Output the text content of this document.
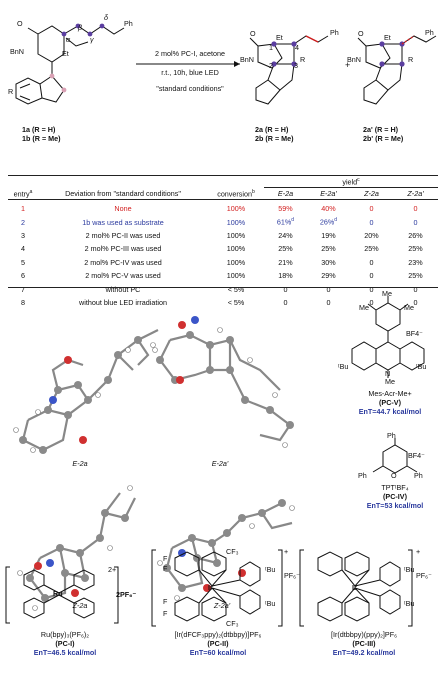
O
BnN	Et
Ph
R
α
β
γ
δ
1a (R = H)
1b (R = Me)
2 mol% PC-I, acetone
r.t., 10h, blue LED
"standard conditions"
O
BnN
Et
Ph
R
1	4
2	3
2a (R = H)
2b (R = Me)
+
O
BnN
Et
Ph
R
2a' (R = H)
2b' (R = Me)
			yield$^c$
entry$^a$	Deviation from "standard conditions"	conversion$^b$	E-2a	E-2a'	Z-2a	Z-2a'
1	None	100%	59%	40%	0	0
2	1b was used as substrate	100%	61%$^d$	26%$^d$	0	0
3	2 mol% PC-II was used	100%	24%	19%	20%	26%
4	2 mol% PC-III was used	100%	25%	25%	25%	25%
5	2 mol% PC-IV was used	100%	21%	30%	0	23%
6	2 mol% PC-V was used	100%	18%	29%	0	25%
7	without PC	< 5%	0	0	0	0
8	without blue LED irradiation	< 5%	0	0	0	0
E-2a	E-2a'
Z-2a	Z-2a'
Me
Me	Me
BF4⁻
ᵗBu	ᵗBu
N
Me
Mes-Acr-Me+
(PC-V)
EnT=44.7 kcal/mol
Ph
BF4⁻
Ph	O Ph
TPTᵗBF₄
(PC-IV)
EnT=53 kcal/mol
Ru
2+
2PF₆⁻
Ru(bpy)₃(PF₆)₂
(PC-I)
EnT=46.5 kcal/mol
Ir
F
F
F
F
CF₃
CF₃
ᵗBu
ᵗBu
+
PF₆⁻
[Ir(dFCF₃ppy)₂(dtbbpy)]PF₆
(PC-II)
EnT=60 kcal/mol
Ir
ᵗBu
ᵗBu
+
PF₆⁻
[Ir(dtbbpy)(ppy)₂]PF₆
(PC-III)
EnT=49.2 kcal/mol
